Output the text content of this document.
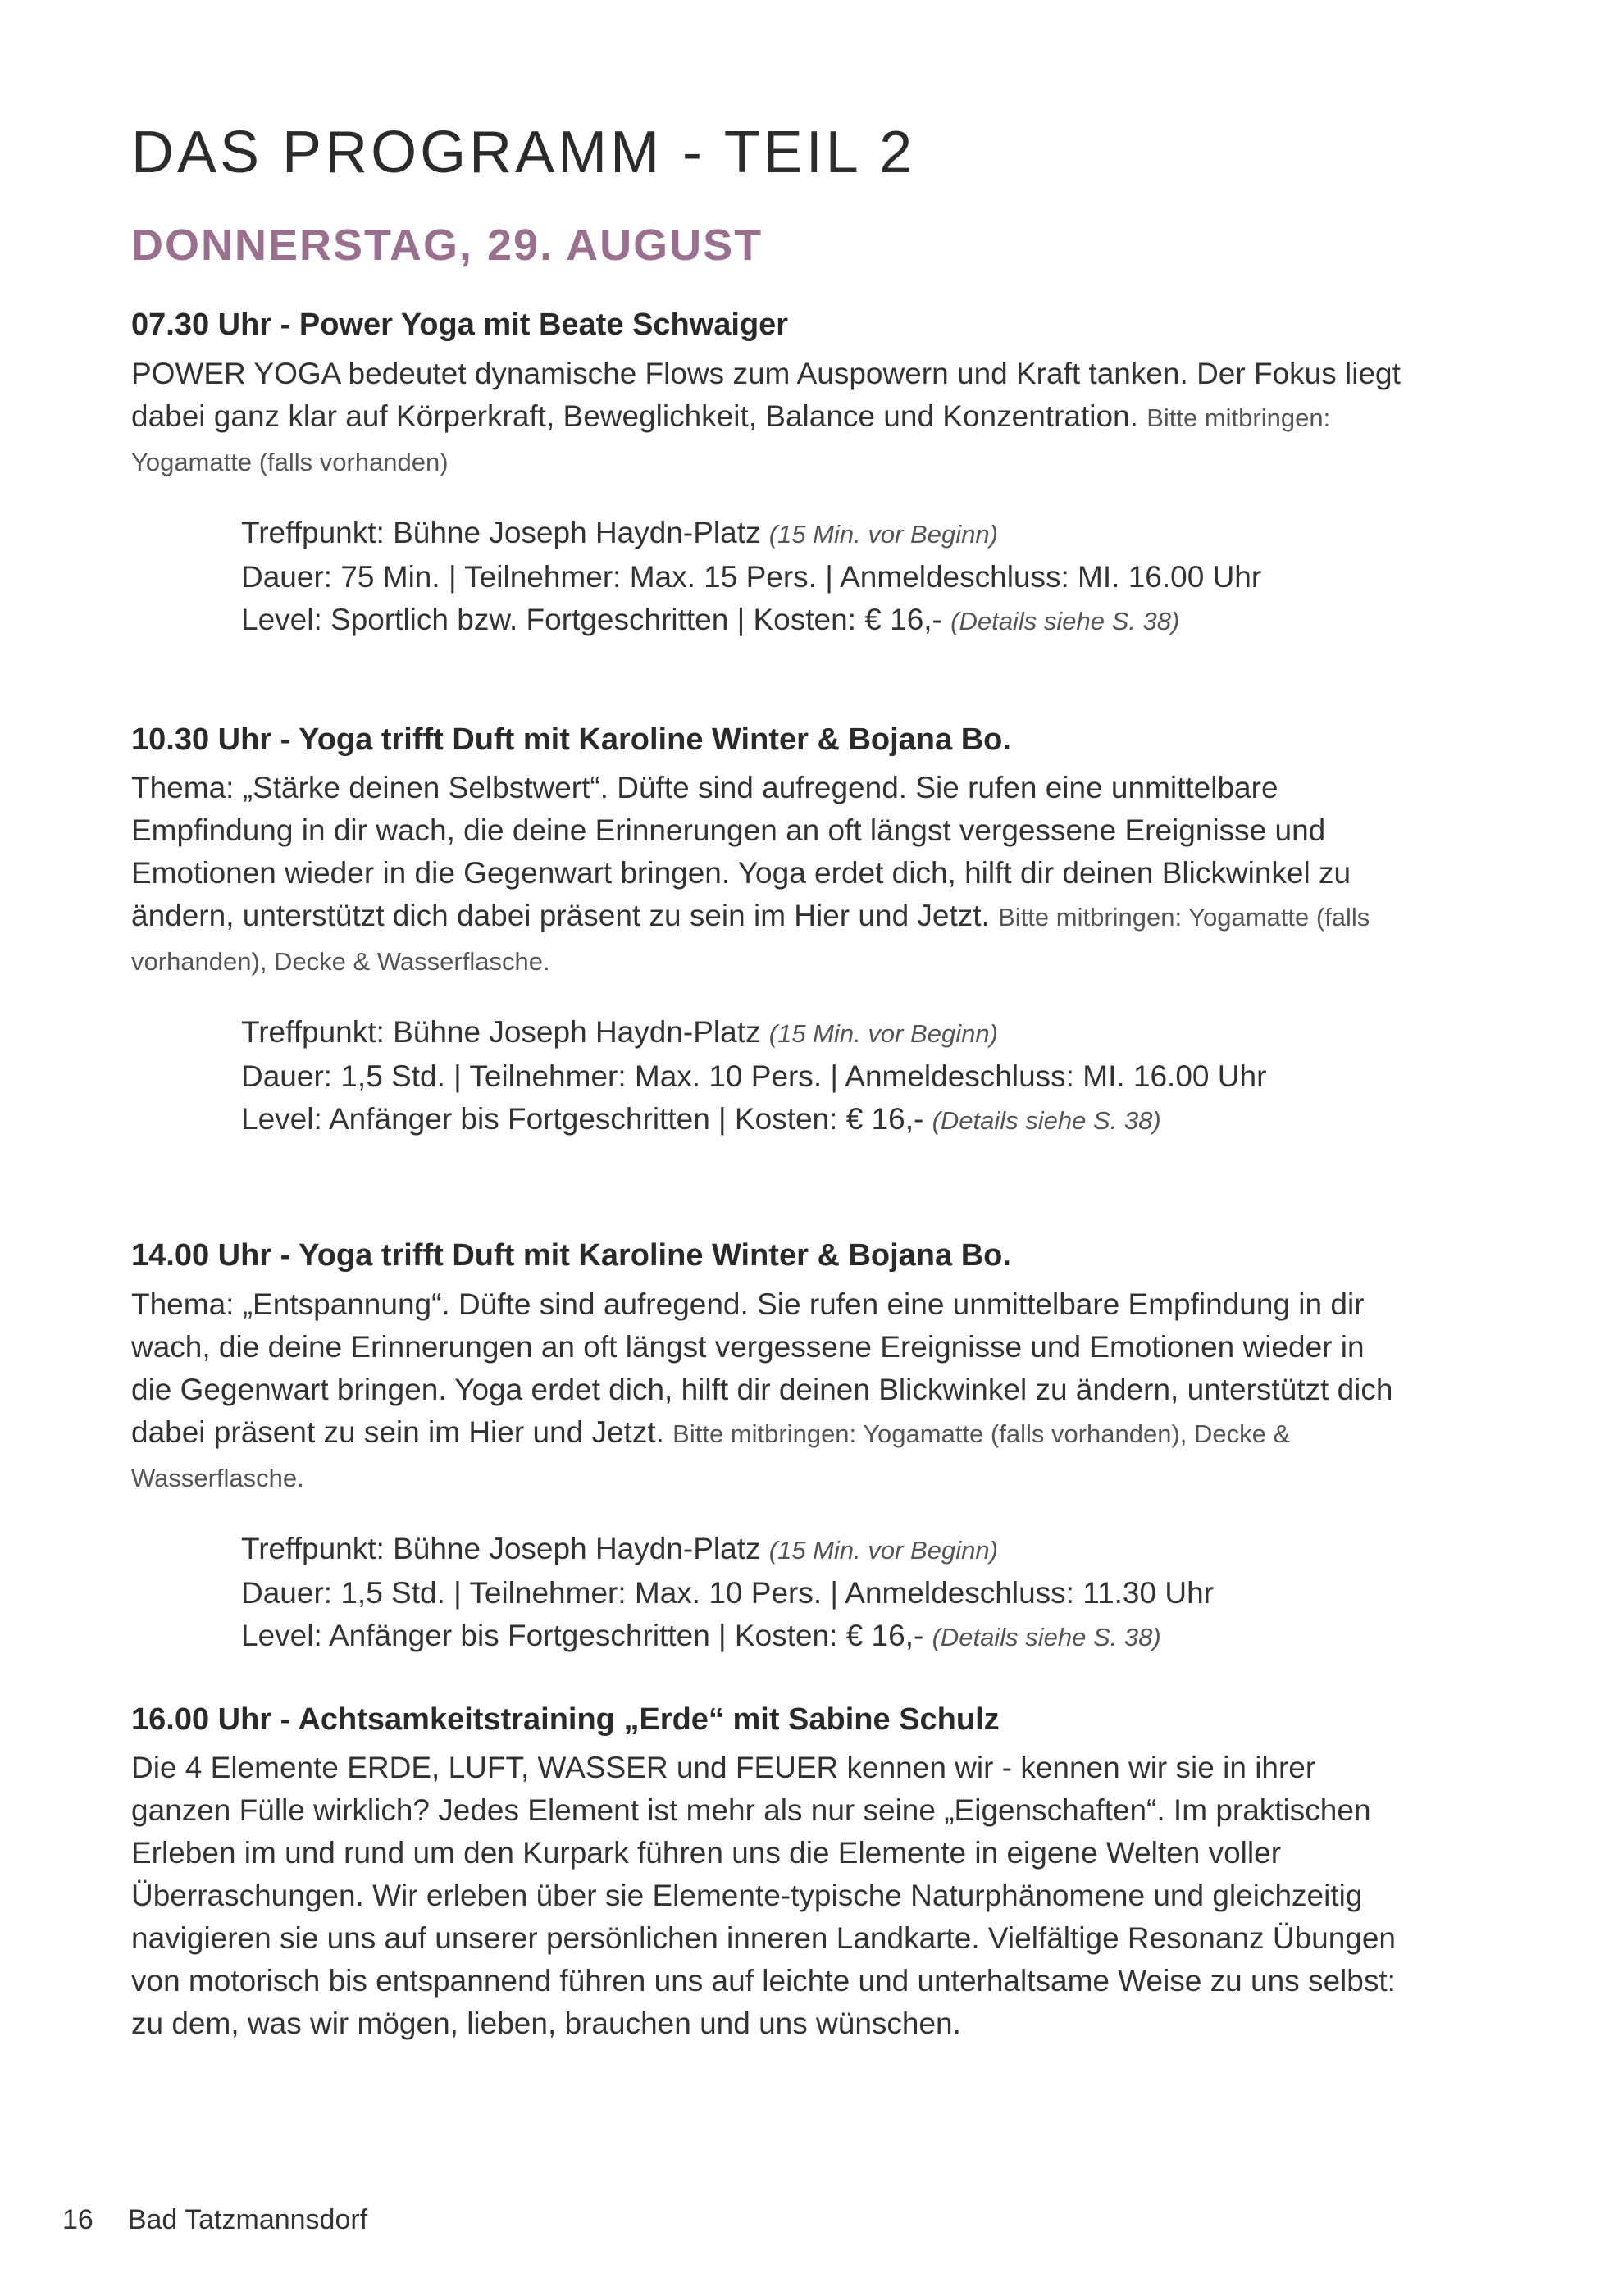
DAS PROGRAMM - TEIL 2
DONNERSTAG, 29. AUGUST
07.30 Uhr - Power Yoga mit Beate Schwaiger

POWER YOGA bedeutet dynamische Flows zum Auspowern und Kraft tanken. Der Fokus liegt dabei ganz klar auf Körperkraft, Beweglichkeit, Balance und Konzentration. Bitte mitbringen: Yogamatte (falls vorhanden)

Treffpunkt: Bühne Joseph Haydn-Platz (15 Min. vor Beginn)
Dauer: 75 Min. | Teilnehmer: Max. 15 Pers. | Anmeldeschluss: MI. 16.00 Uhr
Level: Sportlich bzw. Fortgeschritten | Kosten: € 16,- (Details siehe S. 38)
10.30 Uhr - Yoga trifft Duft mit Karoline Winter & Bojana Bo.

Thema: „Stärke deinen Selbstwert“. Düfte sind aufregend. Sie rufen eine unmittelbare Empfindung in dir wach, die deine Erinnerungen an oft längst vergessene Ereignisse und Emotionen wieder in die Gegenwart bringen. Yoga erdet dich, hilft dir deinen Blickwinkel zu ändern, unterstützt dich dabei präsent zu sein im Hier und Jetzt. Bitte mitbringen: Yogamatte (falls vorhanden), Decke & Wasserflasche.

Treffpunkt: Bühne Joseph Haydn-Platz (15 Min. vor Beginn)
Dauer: 1,5 Std. | Teilnehmer: Max. 10 Pers. | Anmeldeschluss: MI. 16.00 Uhr
Level: Anfänger bis Fortgeschritten | Kosten: € 16,- (Details siehe S. 38)
14.00 Uhr - Yoga trifft Duft mit Karoline Winter & Bojana Bo.

Thema: „Entspannung“. Düfte sind aufregend. Sie rufen eine unmittelbare Empfindung in dir wach, die deine Erinnerungen an oft längst vergessene Ereignisse und Emotionen wieder in die Gegenwart bringen. Yoga erdet dich, hilft dir deinen Blickwinkel zu ändern, unterstützt dich dabei präsent zu sein im Hier und Jetzt. Bitte mitbringen: Yogamatte (falls vorhanden), Decke & Wasserflasche.

Treffpunkt: Bühne Joseph Haydn-Platz (15 Min. vor Beginn)
Dauer: 1,5 Std. | Teilnehmer: Max. 10 Pers. | Anmeldeschluss: 11.30 Uhr
Level: Anfänger bis Fortgeschritten | Kosten: € 16,- (Details siehe S. 38)
16.00 Uhr - Achtsamkeitstraining „Erde“ mit Sabine Schulz

Die 4 Elemente ERDE, LUFT, WASSER und FEUER kennen wir - kennen wir sie in ihrer ganzen Fülle wirklich? Jedes Element ist mehr als nur seine „Eigenschaften“. Im praktischen Erleben im und rund um den Kurpark führen uns die Elemente in eigene Welten voller Überraschungen. Wir erleben über sie Elemente-typische Naturphänomene und gleichzeitig navigieren sie uns auf unserer persönlichen inneren Landkarte. Vielfältige Resonanz Übungen von motorisch bis entspannend führen uns auf leichte und unterhaltsame Weise zu uns selbst: zu dem, was wir mögen, lieben, brauchen und uns wünschen.

16 Bad Tatzmannsdorf
